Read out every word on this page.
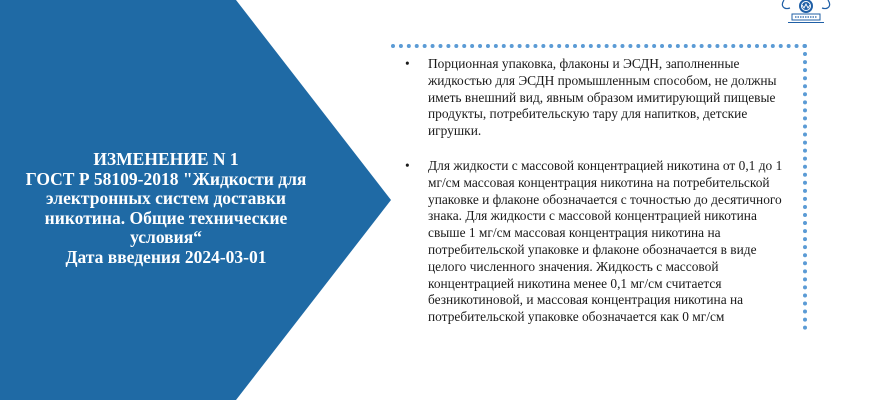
ИЗМЕНЕНИЕ N 1
ГОСТ Р 58109-2018 "Жидкости для электронных систем доставки никотина. Общие технические условия“
Дата введения 2024-03-01
• Порционная упаковка, флаконы и ЭСДН, заполненные жидкостью для ЭСДН промышленным способом, не должны иметь внешний вид, явным образом имитирующий пищевые продукты, потребительскую тару для напитков, детские игрушки.
• Для жидкости с массовой концентрацией никотина от 0,1 до 1 мг/см массовая концентрация никотина на потребительской упаковке и флаконе обозначается с точностью до десятичного знака. Для жидкости с массовой концентрацией никотина свыше 1 мг/см массовая концентрация никотина на потребительской упаковке и флаконе обозначается в виде целого численного значения. Жидкость с массовой концентрацией никотина менее 0,1 мг/см считается безникотиновой, и массовая концентрация никотина на потребительской упаковке обозначается как 0 мг/см
